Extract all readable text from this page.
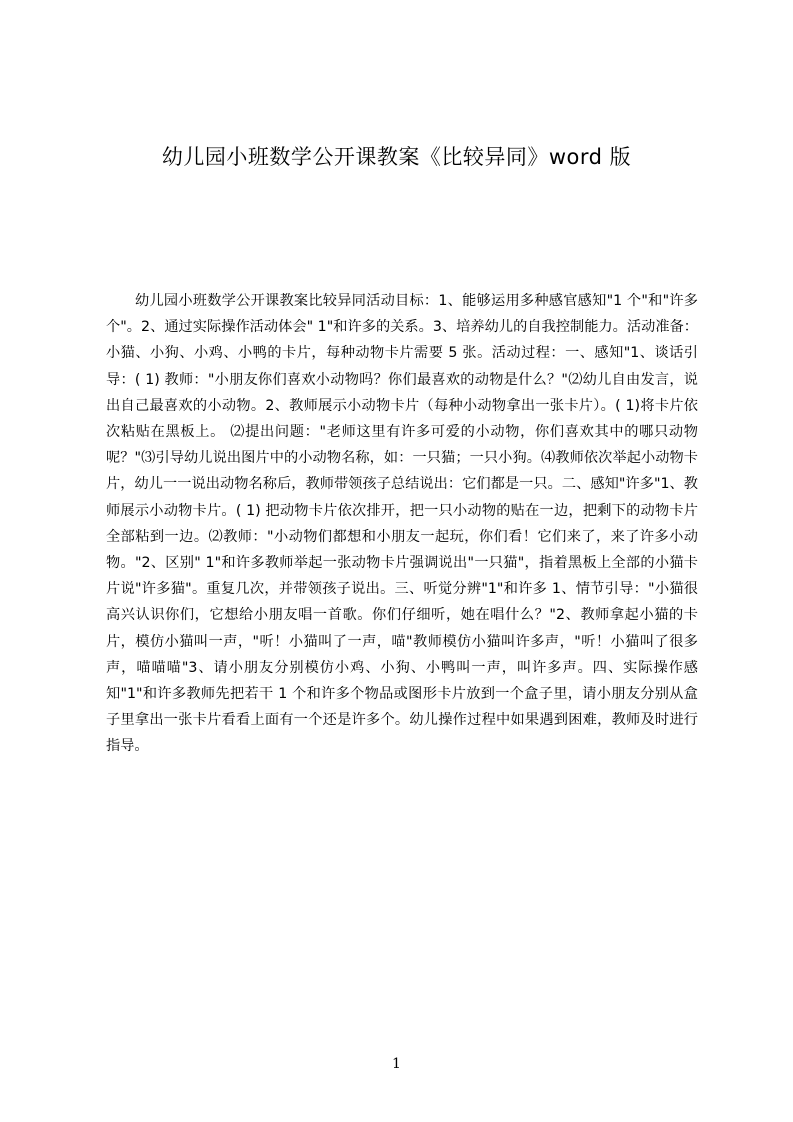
幼儿园小班数学公开课教案《比较异同》word 版
幼儿园小班数学公开课教案比较异同活动目标：1、能够运用多种感官感知"1 个"和"许多个"。2、通过实际操作活动体会" 1"和许多的关系。3、培养幼儿的自我控制能力。活动准备：小猫、小狗、小鸡、小鸭的卡片，每种动物卡片需要 5 张。活动过程：一、感知"1、谈话引导：( 1) 教师："小朋友你们喜欢小动物吗？你们最喜欢的动物是什么？"⑵幼儿自由发言，说出自己最喜欢的小动物。2、教师展示小动物卡片（每种小动物拿出一张卡片）。( 1)将卡片依次粘贴在黑板上。 ⑵提出问题："老师这里有许多可爱的小动物，你们喜欢其中的哪只动物呢？"⑶引导幼儿说出图片中的小动物名称，如：一只猫；一只小狗。⑷教师依次举起小动物卡片，幼儿一一说出动物名称后，教师带领孩子总结说出：它们都是一只。二、感知"许多"1、教师展示小动物卡片。( 1) 把动物卡片依次排开，把一只小动物的贴在一边，把剩下的动物卡片全部粘到一边。⑵教师："小动物们都想和小朋友一起玩，你们看！它们来了，来了许多小动物。"2、区别" 1"和许多教师举起一张动物卡片强调说出"一只猫"，指着黑板上全部的小猫卡片说"许多猫"。重复几次，并带领孩子说出。三、听觉分辨"1"和许多 1、情节引导："小猫很高兴认识你们，它想给小朋友唱一首歌。你们仔细听，她在唱什么？"2、教师拿起小猫的卡片，模仿小猫叫一声，"听！小猫叫了一声，喵"教师模仿小猫叫许多声，"听！小猫叫了很多声，喵喵喵"3、请小朋友分别模仿小鸡、小狗、小鸭叫一声，叫许多声。四、实际操作感知"1"和许多教师先把若干 1 个和许多个物品或图形卡片放到一个盒子里，请小朋友分别从盒子里拿出一张卡片看看上面有一个还是许多个。幼儿操作过程中如果遇到困难，教师及时进行指导。
1
